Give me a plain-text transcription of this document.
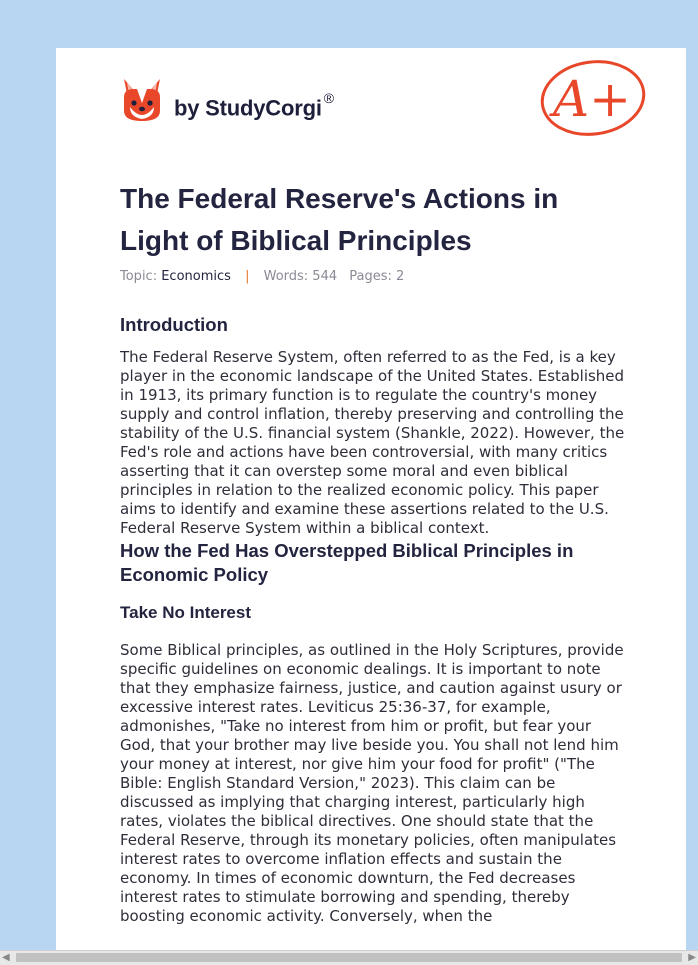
by StudyCorgi ®	A+
The Federal Reserve's Actions in Light of Biblical Principles
Topic: Economics | Words: 544 Pages: 2
Introduction

The Federal Reserve System, often referred to as the Fed, is a key player in the economic landscape of the United States. Established in 1913, its primary function is to regulate the country's money supply and control inflation, thereby preserving and controlling the stability of the U.S. financial system (Shankle, 2022). However, the Fed's role and actions have been controversial, with many critics asserting that it can overstep some moral and even biblical principles in relation to the realized economic policy. This paper aims to identify and examine these assertions related to the U.S. Federal Reserve System within a biblical context.

How the Fed Has Overstepped Biblical Principles in Economic Policy
Take No Interest

Some Biblical principles, as outlined in the Holy Scriptures, provide specific guidelines on economic dealings. It is important to note that they emphasize fairness, justice, and caution against usury or excessive interest rates. Leviticus 25:36-37, for example, admonishes, "Take no interest from him or profit, but fear your God, that your brother may live beside you. You shall not lend him your money at interest, nor give him your food for profit" ("The Bible: English Standard Version," 2023). This claim can be discussed as implying that charging interest, particularly high rates, violates the biblical directives. One should state that the Federal Reserve, through its monetary policies, often manipulates interest rates to overcome inflation effects and sustain the economy. In times of economic downturn, the Fed decreases interest rates to stimulate borrowing and spending, thereby boosting economic activity. Conversely, when the

◀	▶
